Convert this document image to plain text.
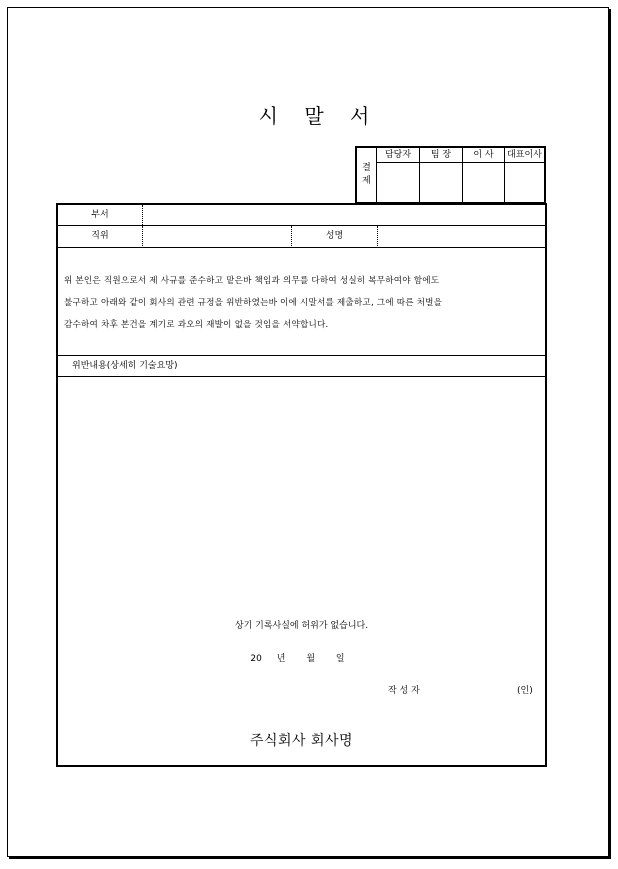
시 말 서
결제
담당자	팀 장	이 사	대표이사
부서
직위	성명

위 본인은 직원으로서 제 사규를 준수하고 맡은바 책임과 의무를 다하여 성실히 복무하여야 함에도

불구하고 아래와 같이 회사의 관련 규정을 위반하였는바 이에 시말서를 제출하고, 그에 따른 처벌을

감수하여 차후 본건을 계기로 과오의 재발이 없을 것임을 서약합니다.

위반내용(상세히 기술요망)
상기 기록사실에 허위가 없습니다.
20 년 월 일
작 성 자	(인)
주식회사 회사명
